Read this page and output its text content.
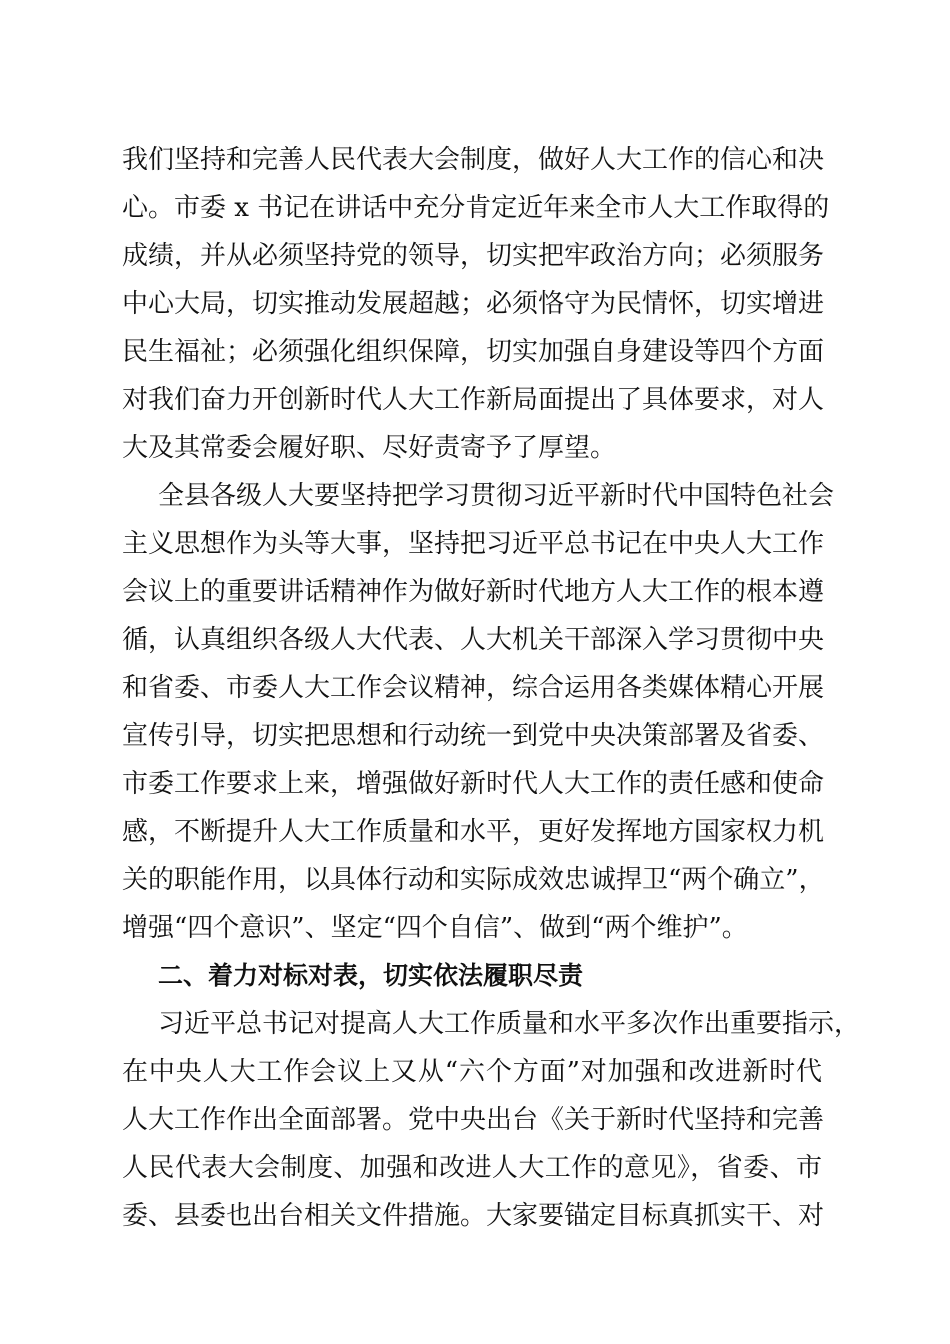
我们坚持和完善人民代表大会制度，做好人大工作的信心和决
心。市委 x 书记在讲话中充分肯定近年来全市人大工作取得的
成绩，并从必须坚持党的领导，切实把牢政治方向；必须服务
中心大局，切实推动发展超越；必须恪守为民情怀，切实增进
民生福祉；必须强化组织保障，切实加强自身建设等四个方面
对我们奋力开创新时代人大工作新局面提出了具体要求，对人
大及其常委会履好职、尽好责寄予了厚望。
全县各级人大要坚持把学习贯彻习近平新时代中国特色社会
主义思想作为头等大事，坚持把习近平总书记在中央人大工作
会议上的重要讲话精神作为做好新时代地方人大工作的根本遵
循，认真组织各级人大代表、人大机关干部深入学习贯彻中央
和省委、市委人大工作会议精神，综合运用各类媒体精心开展
宣传引导，切实把思想和行动统一到党中央决策部署及省委、
市委工作要求上来，增强做好新时代人大工作的责任感和使命
感，不断提升人大工作质量和水平，更好发挥地方国家权力机
关的职能作用，以具体行动和实际成效忠诚捍卫“两个确立”，
增强“四个意识”、坚定“四个自信”、做到“两个维护”。
二、着力对标对表，切实依法履职尽责
习近平总书记对提高人大工作质量和水平多次作出重要指示，
在中央人大工作会议上又从“六个方面”对加强和改进新时代
人大工作作出全面部署。党中央出台《关于新时代坚持和完善
人民代表大会制度、加强和改进人大工作的意见》，省委、市
委、县委也出台相关文件措施。大家要锚定目标真抓实干、对
